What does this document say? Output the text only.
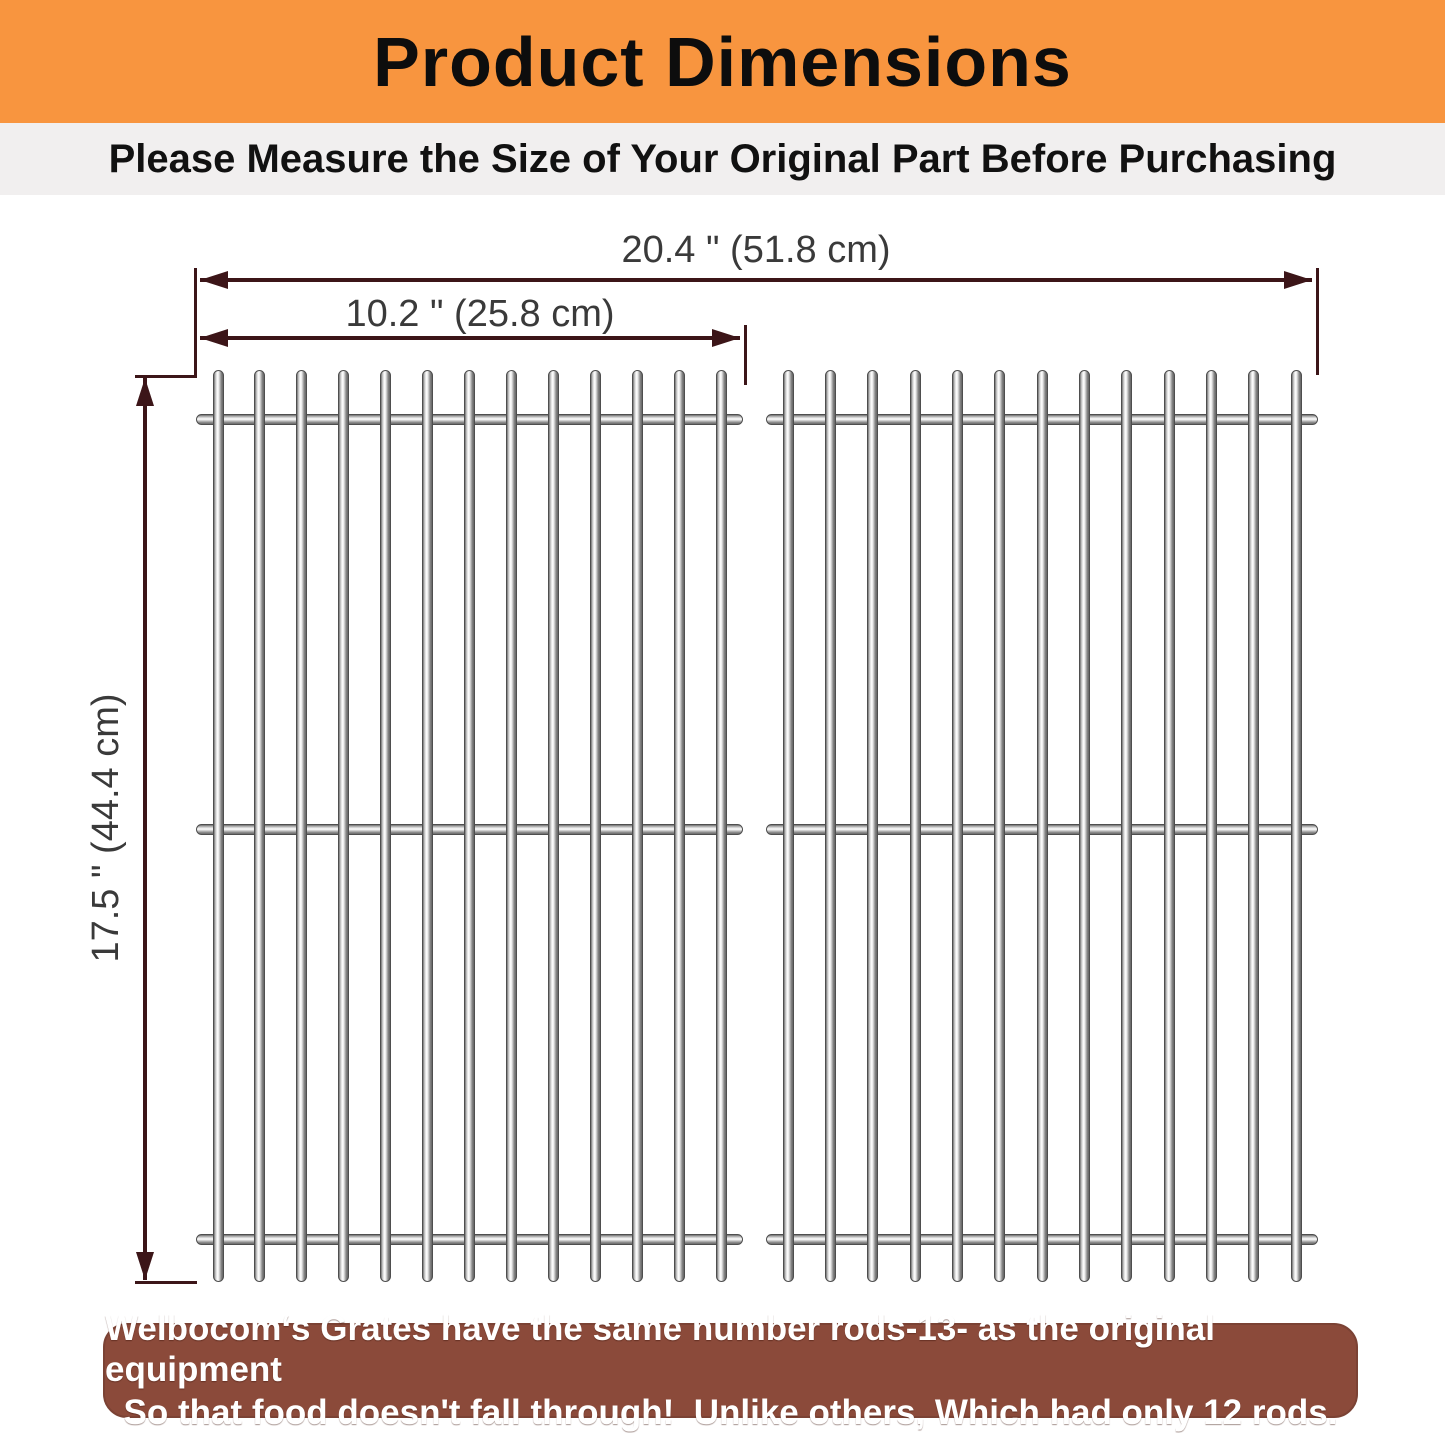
Product Dimensions
Please Measure the Size of Your Original Part Before Purchasing
20.4 " (51.8 cm)
10.2 " (25.8 cm)
17.5 " (44.4 cm)
Welbocom‘s Grates have the same number rods-13- as the original equipment
So that food doesn't fall through!  Unlike others, Which had only 12 rods.
